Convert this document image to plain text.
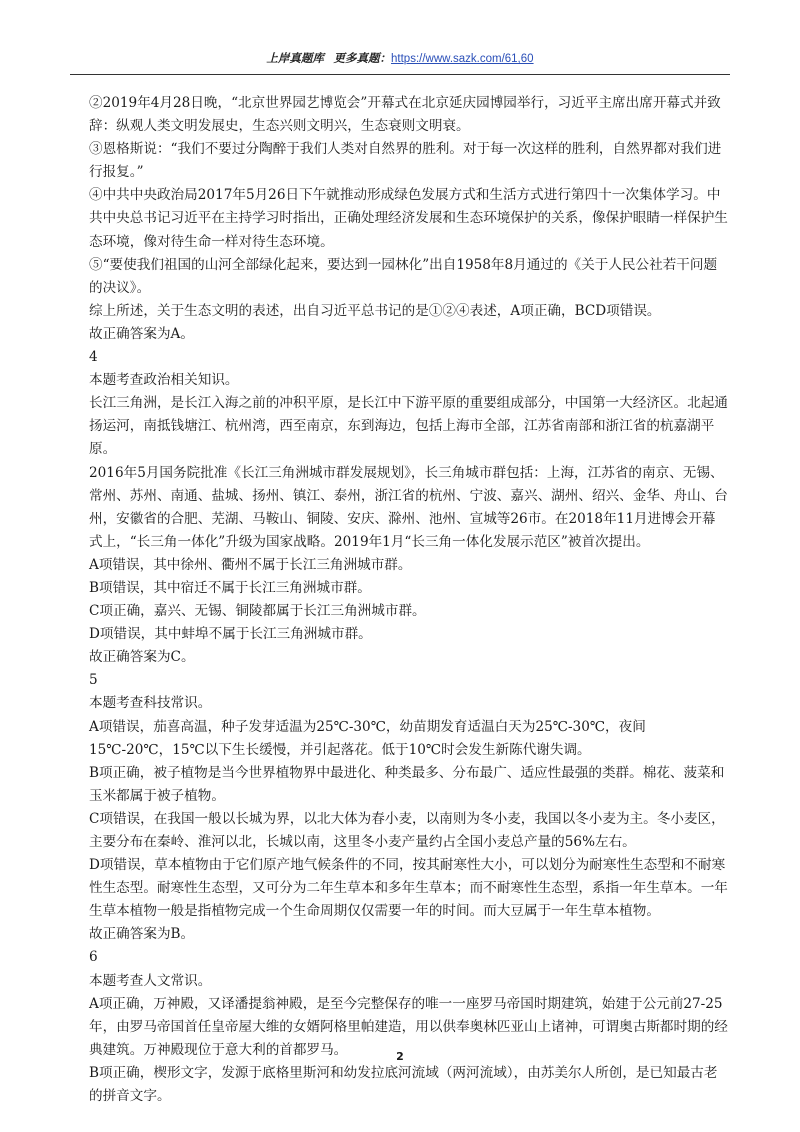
上岸真题库 更多真题：https://www.sazk.com/61,60

②2019年4月28日晚，“北京世界园艺博览会”开幕式在北京延庆园博园举行，习近平主席出席开幕式并致辞：纵观人类文明发展史，生态兴则文明兴，生态衰则文明衰。

③恩格斯说：“我们不要过分陶醉于我们人类对自然界的胜利。对于每一次这样的胜利，自然界都对我们进行报复。”

④中共中央政治局2017年5月26日下午就推动形成绿色发展方式和生活方式进行第四十一次集体学习。中共中央总书记习近平在主持学习时指出，正确处理经济发展和生态环境保护的关系，像保护眼睛一样保护生态环境，像对待生命一样对待生态环境。

⑤“要使我们祖国的山河全部绿化起来，要达到一园林化”出自1958年8月通过的《关于人民公社若干问题的决议》。

综上所述，关于生态文明的表述，出自习近平总书记的是①②④表述，A项正确，BCD项错误。

故正确答案为A。

4

本题考查政治相关知识。

长江三角洲，是长江入海之前的冲积平原，是长江中下游平原的重要组成部分，中国第一大经济区。北起通扬运河，南抵钱塘江、杭州湾，西至南京，东到海边，包括上海市全部，江苏省南部和浙江省的杭嘉湖平原。

2016年5月国务院批准《长江三角洲城市群发展规划》，长三角城市群包括：上海，江苏省的南京、无锡、常州、苏州、南通、盐城、扬州、镇江、泰州，浙江省的杭州、宁波、嘉兴、湖州、绍兴、金华、舟山、台州，安徽省的合肥、芜湖、马鞍山、铜陵、安庆、滁州、池州、宣城等26市。在2018年11月进博会开幕式上，“长三角一体化”升级为国家战略。2019年1月“长三角一体化发展示范区”被首次提出。

A项错误，其中徐州、衢州不属于长江三角洲城市群。

B项错误，其中宿迁不属于长江三角洲城市群。

C项正确，嘉兴、无锡、铜陵都属于长江三角洲城市群。

D项错误，其中蚌埠不属于长江三角洲城市群。

故正确答案为C。

5

本题考查科技常识。

A项错误，茄喜高温，种子发芽适温为25℃-30℃，幼苗期发育适温白天为25℃-30℃，夜间15℃-20℃，15℃以下生长缓慢，并引起落花。低于10℃时会发生新陈代谢失调。

B项正确，被子植物是当今世界植物界中最进化、种类最多、分布最广、适应性最强的类群。棉花、菠菜和玉米都属于被子植物。

C项错误，在我国一般以长城为界，以北大体为春小麦，以南则为冬小麦，我国以冬小麦为主。冬小麦区，主要分布在秦岭、淮河以北，长城以南，这里冬小麦产量约占全国小麦总产量的56%左右。

D项错误，草本植物由于它们原产地气候条件的不同，按其耐寒性大小，可以划分为耐寒性生态型和不耐寒性生态型。耐寒性生态型，又可分为二年生草本和多年生草本；而不耐寒性生态型，系指一年生草本。一年生草本植物一般是指植物完成一个生命周期仅仅需要一年的时间。而大豆属于一年生草本植物。

故正确答案为B。

6

本题考查人文常识。

A项正确，万神殿，又译潘提翁神殿，是至今完整保存的唯一一座罗马帝国时期建筑，始建于公元前27-25年，由罗马帝国首任皇帝屋大维的女婿阿格里帕建造，用以供奉奥林匹亚山上诸神，可谓奥古斯都时期的经典建筑。万神殿现位于意大利的首都罗马。

B项正确，楔形文字，发源于底格里斯河和幼发拉底河流域（两河流域），由苏美尔人所创，是已知最古老的拼音文字。

2
